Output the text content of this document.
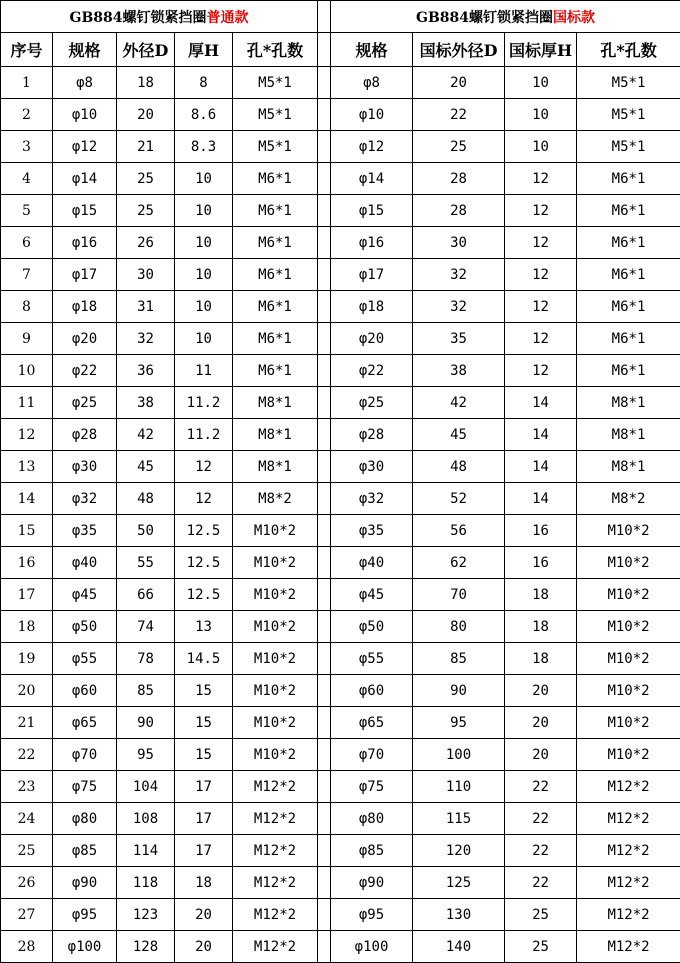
GB884螺钉锁紧挡圈普通款						GB884螺钉锁紧挡圈国标款			
序号	规格	外径D	厚H	孔*孔数		规格	国标外径D	国标厚H	孔*孔数
1	φ8	18	8	M5*1		φ8	20	10	M5*1
2	φ10	20	8.6	M5*1		φ10	22	10	M5*1
3	φ12	21	8.3	M5*1		φ12	25	10	M5*1
4	φ14	25	10	M6*1		φ14	28	12	M6*1
5	φ15	25	10	M6*1		φ15	28	12	M6*1
6	φ16	26	10	M6*1		φ16	30	12	M6*1
7	φ17	30	10	M6*1		φ17	32	12	M6*1
8	φ18	31	10	M6*1		φ18	32	12	M6*1
9	φ20	32	10	M6*1		φ20	35	12	M6*1
10	φ22	36	11	M6*1		φ22	38	12	M6*1
11	φ25	38	11.2	M8*1		φ25	42	14	M8*1
12	φ28	42	11.2	M8*1		φ28	45	14	M8*1
13	φ30	45	12	M8*1		φ30	48	14	M8*1
14	φ32	48	12	M8*2		φ32	52	14	M8*2
15	φ35	50	12.5	M10*2		φ35	56	16	M10*2
16	φ40	55	12.5	M10*2		φ40	62	16	M10*2
17	φ45	66	12.5	M10*2		φ45	70	18	M10*2
18	φ50	74	13	M10*2		φ50	80	18	M10*2
19	φ55	78	14.5	M10*2		φ55	85	18	M10*2
20	φ60	85	15	M10*2		φ60	90	20	M10*2
21	φ65	90	15	M10*2		φ65	95	20	M10*2
22	φ70	95	15	M10*2		φ70	100	20	M10*2
23	φ75	104	17	M12*2		φ75	110	22	M12*2
24	φ80	108	17	M12*2		φ80	115	22	M12*2
25	φ85	114	17	M12*2		φ85	120	22	M12*2
26	φ90	118	18	M12*2		φ90	125	22	M12*2
27	φ95	123	20	M12*2		φ95	130	25	M12*2
28	φ100	128	20	M12*2		φ100	140	25	M12*2
